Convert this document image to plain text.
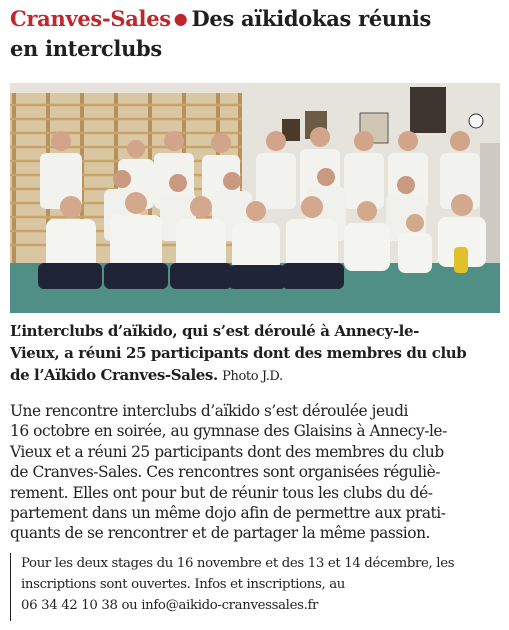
Cranves-Sales ● Des aïkidokas réunis
en interclubs
L’interclubs d’aïkido, qui s’est déroulé à Annecy-le-
Vieux, a réuni 25 participants dont des membres du club
de l’Aïkido Cranves-Sales. Photo J.D.

Une rencontre interclubs d’aïkido s’est déroulée jeudi

16 octobre en soirée, au gymnase des Glaisins à Annecy-le-

Vieux et a réuni 25 participants dont des membres du club

de Cranves-Sales. Ces rencontres sont organisées réguliè-

rement. Elles ont pour but de réunir tous les clubs du dé-

partement dans un même dojo afin de permettre aux prati-

quants de se rencontrer et de partager la même passion.

Pour les deux stages du 16 novembre et des 13 et 14 décembre, les
inscriptions sont ouvertes. Infos et inscriptions, au
06 34 42 10 38 ou info@aikido-cranvessales.fr
